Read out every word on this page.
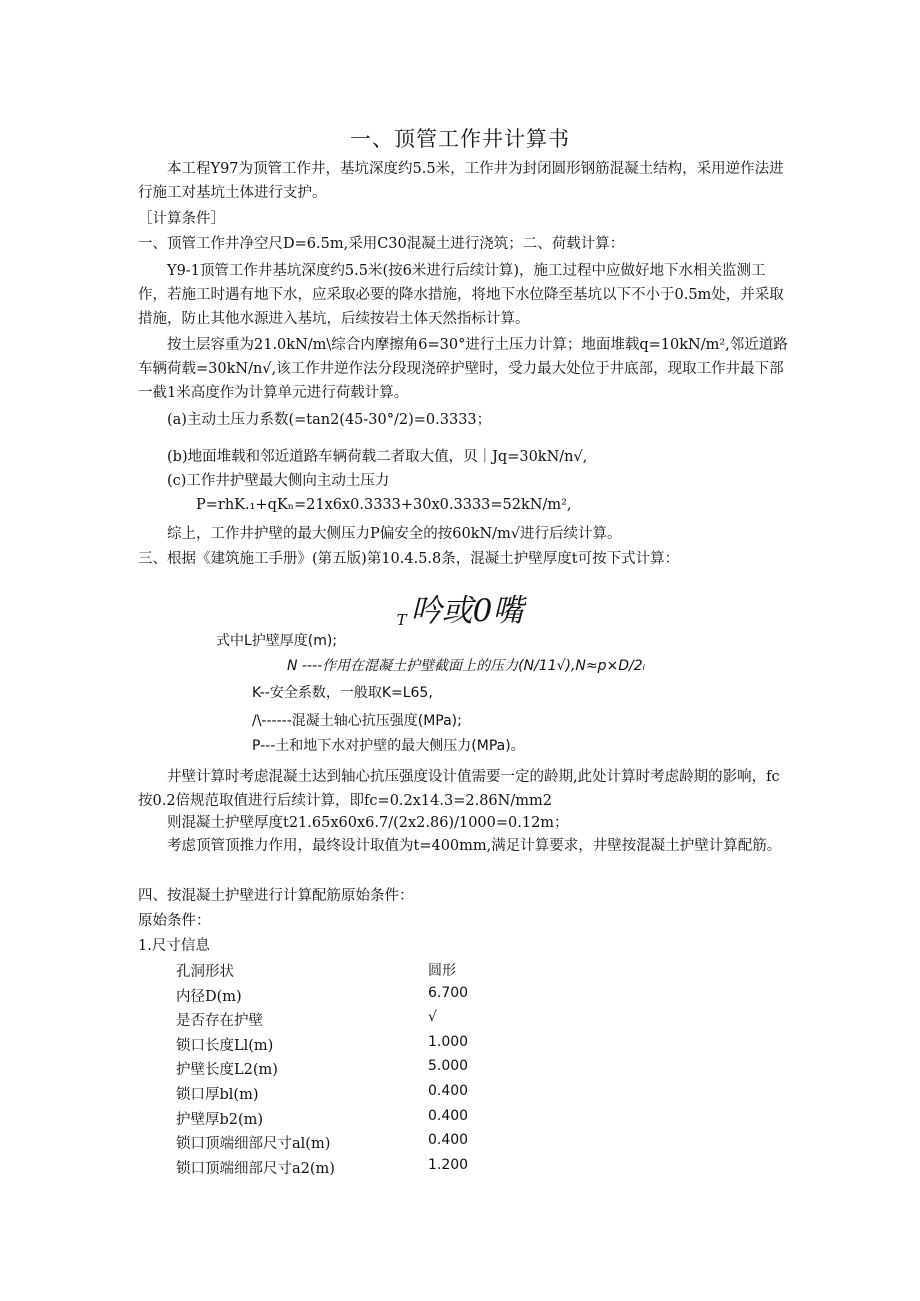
一、顶管工作井计算书

本工程Y97为顶管工作井，基坑深度约5.5米，工作井为封闭圆形钢筋混凝土结构，采用逆作法进行施工对基坑土体进行支护。

［计算条件］
一、顶管工作井净空尺D=6.5m,采用C30混凝土进行浇筑；二、荷载计算：

Y9-1顶管工作井基坑深度约5.5米(按6米进行后续计算)，施工过程中应做好地下水相关监测工作，若施工时遇有地下水，应采取必要的降水措施，将地下水位降至基坑以下不小于0.5m处，并采取措施，防止其他水源进入基坑，后续按岩土体天然指标计算。

按土层容重为21.0kN/m\综合内摩擦角6=30°进行土压力计算；地面堆载q=10kN/m²,邻近道路车辆荷载=30kN/n√,该工作井逆作法分段现浇碎护壁时，受力最大处位于井底部，现取工作井最下部一截1米高度作为计算单元进行荷载计算。

(a)主动土压力系数(=tan2(45-30°/2)=0.3333；
(b)地面堆载和邻近道路车辆荷载二者取大值，贝｜Jq=30kN/n√,
(c)工作井护壁最大侧向主动土压力
P=rhK.₁+qKₙ=21x6x0.3333+30x0.3333=52kN/m²,
综上，工作井护壁的最大侧压力P偏安全的按60kN/m√进行后续计算。
三、根据《建筑施工手册》(第五版)第10.4.5.8条，混凝土护壁厚度t可按下式计算：
$_T$ 吟或0嘴
式中L护壁厚度(m);
N ----作用在混凝土护壁截面上的压力(N/11√),N≈p×D/2ᵢ
K--安全系数，一般取K=L65,
/\------混凝土轴心抗压强度(MPa);
P---土和地下水对护壁的最大侧压力(MPa)。

井壁计算时考虑混凝土达到轴心抗压强度设计值需要一定的龄期,此处计算时考虑龄期的影响，fc按0.2倍规范取值进行后续计算，即fc=0.2x14.3=2.86N/mm2

则混凝土护壁厚度t21.65x60x6.7/(2x2.86)/1000=0.12m；

考虑顶管顶推力作用，最终设计取值为t=400mm,满足计算要求，井壁按混凝土护壁计算配筋。

四、按混凝土护壁进行计算配筋原始条件：
原始条件：
1.尺寸信息
孔洞形状	圆形
内径D(m)	6.700
是否存在护壁	√
锁口长度Ll(m)	1.000
护壁长度L2(m)	5.000
锁口厚bl(m)	0.400
护壁厚b2(m)	0.400
锁口顶端细部尺寸al(m)	0.400
锁口顶端细部尺寸a2(m)	1.200
